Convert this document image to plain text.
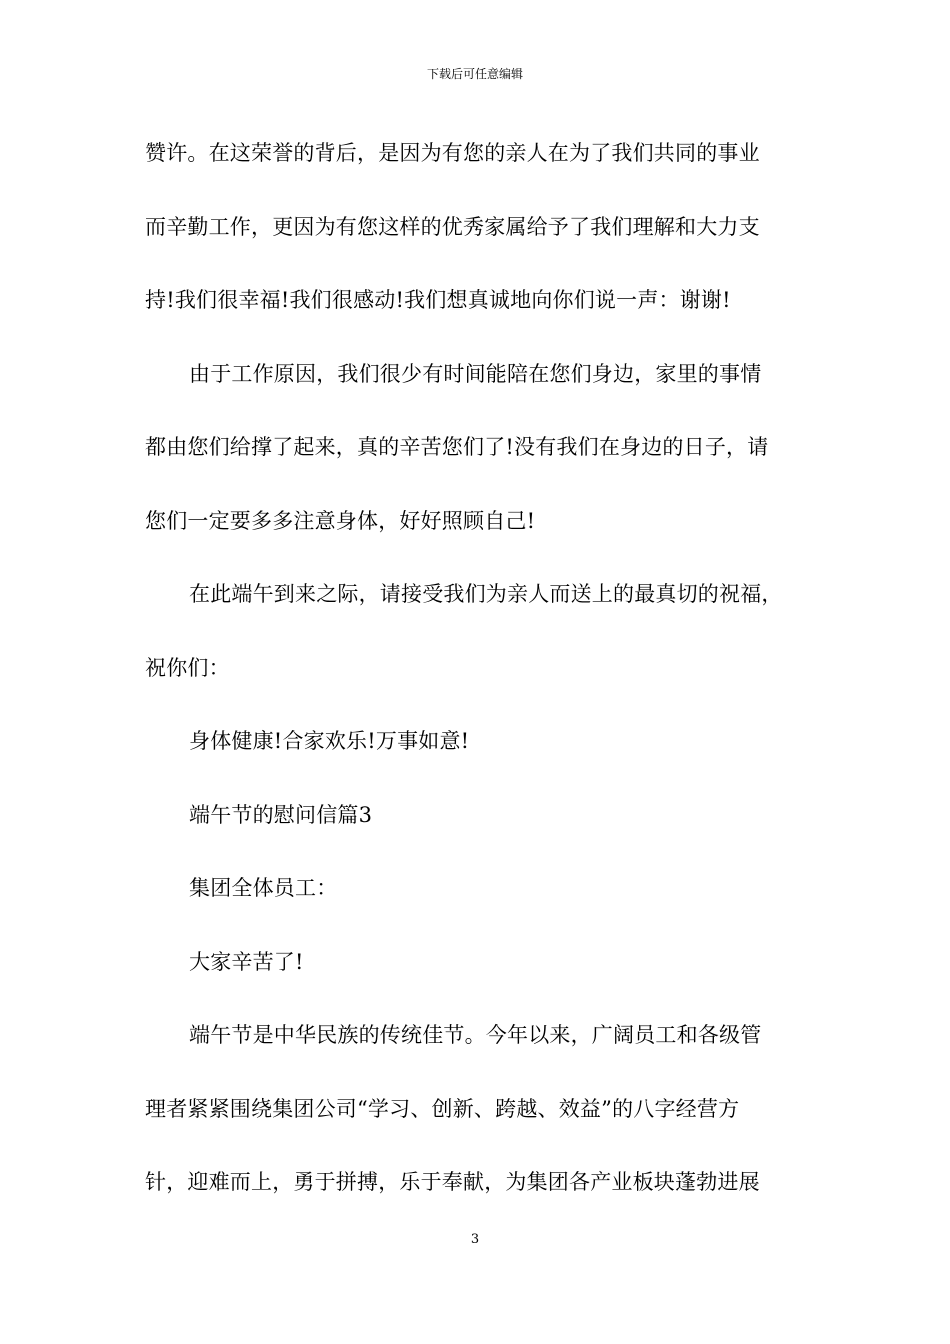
下载后可任意编辑
赞许。在这荣誉的背后，是因为有您的亲人在为了我们共同的事业
而辛勤工作，更因为有您这样的优秀家属给予了我们理解和大力支
持!我们很幸福!我们很感动!我们想真诚地向你们说一声：谢谢!
由于工作原因，我们很少有时间能陪在您们身边，家里的事情
都由您们给撑了起来，真的辛苦您们了!没有我们在身边的日子，请
您们一定要多多注意身体，好好照顾自己!
在此端午到来之际，请接受我们为亲人而送上的最真切的祝福，
祝你们：
身体健康!合家欢乐!万事如意!
端午节的慰问信篇3
集团全体员工：
大家辛苦了!
端午节是中华民族的传统佳节。今年以来，广阔员工和各级管
理者紧紧围绕集团公司“学习、创新、跨越、效益”的八字经营方
针，迎难而上，勇于拼搏，乐于奉献，为集团各产业板块蓬勃进展
3
